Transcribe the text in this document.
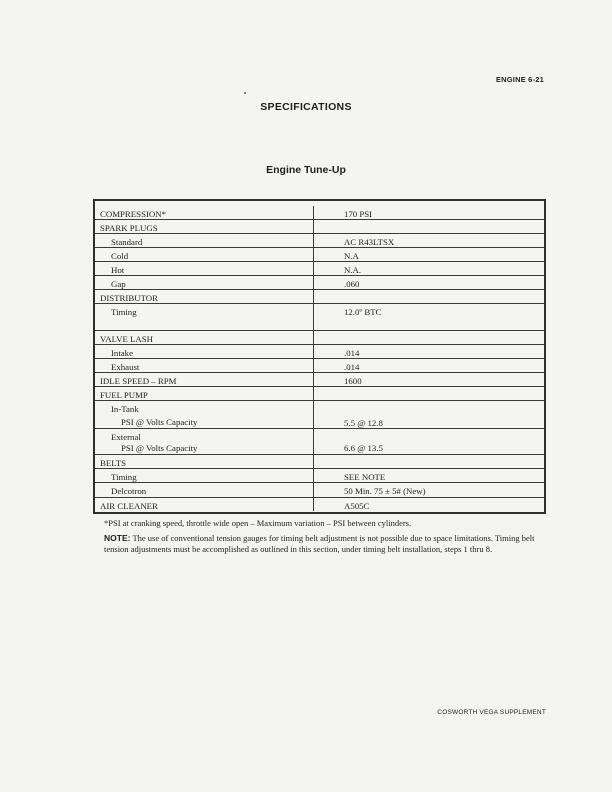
ENGINE 6-21
SPECIFICATIONS
Engine Tune-Up
COMPRESSION*	170 PSI
SPARK PLUGS
Standard	AC R43LTSX
Cold	N.A
Hot	N.A.
Gap	.060
DISTRIBUTOR
Timing	12.0º BTC
VALVE LASH
Intake	.014
Exhaust	.014
IDLE SPEED – RPM	1600
FUEL PUMP
In-Tank
PSI @ Volts Capacity	5.5 @ 12.8
External
PSI @ Volts Capacity	6.6 @ 13.5
BELTS
Timing	SEE NOTE
Delcotron	50 Min. 75 ± 5# (New)
AIR CLEANER	A505C
*PSI at cranking speed, throttle wide open – Maximum variation – PSI between cylinders.
NOTE: The use of conventional tension gauges for timing belt adjustment is not possible due to space limitations. Timing belt tension adjustments must be accomplished as outlined in this section, under timing belt installation, steps 1 thru 8.
COSWORTH VEGA SUPPLEMENT
